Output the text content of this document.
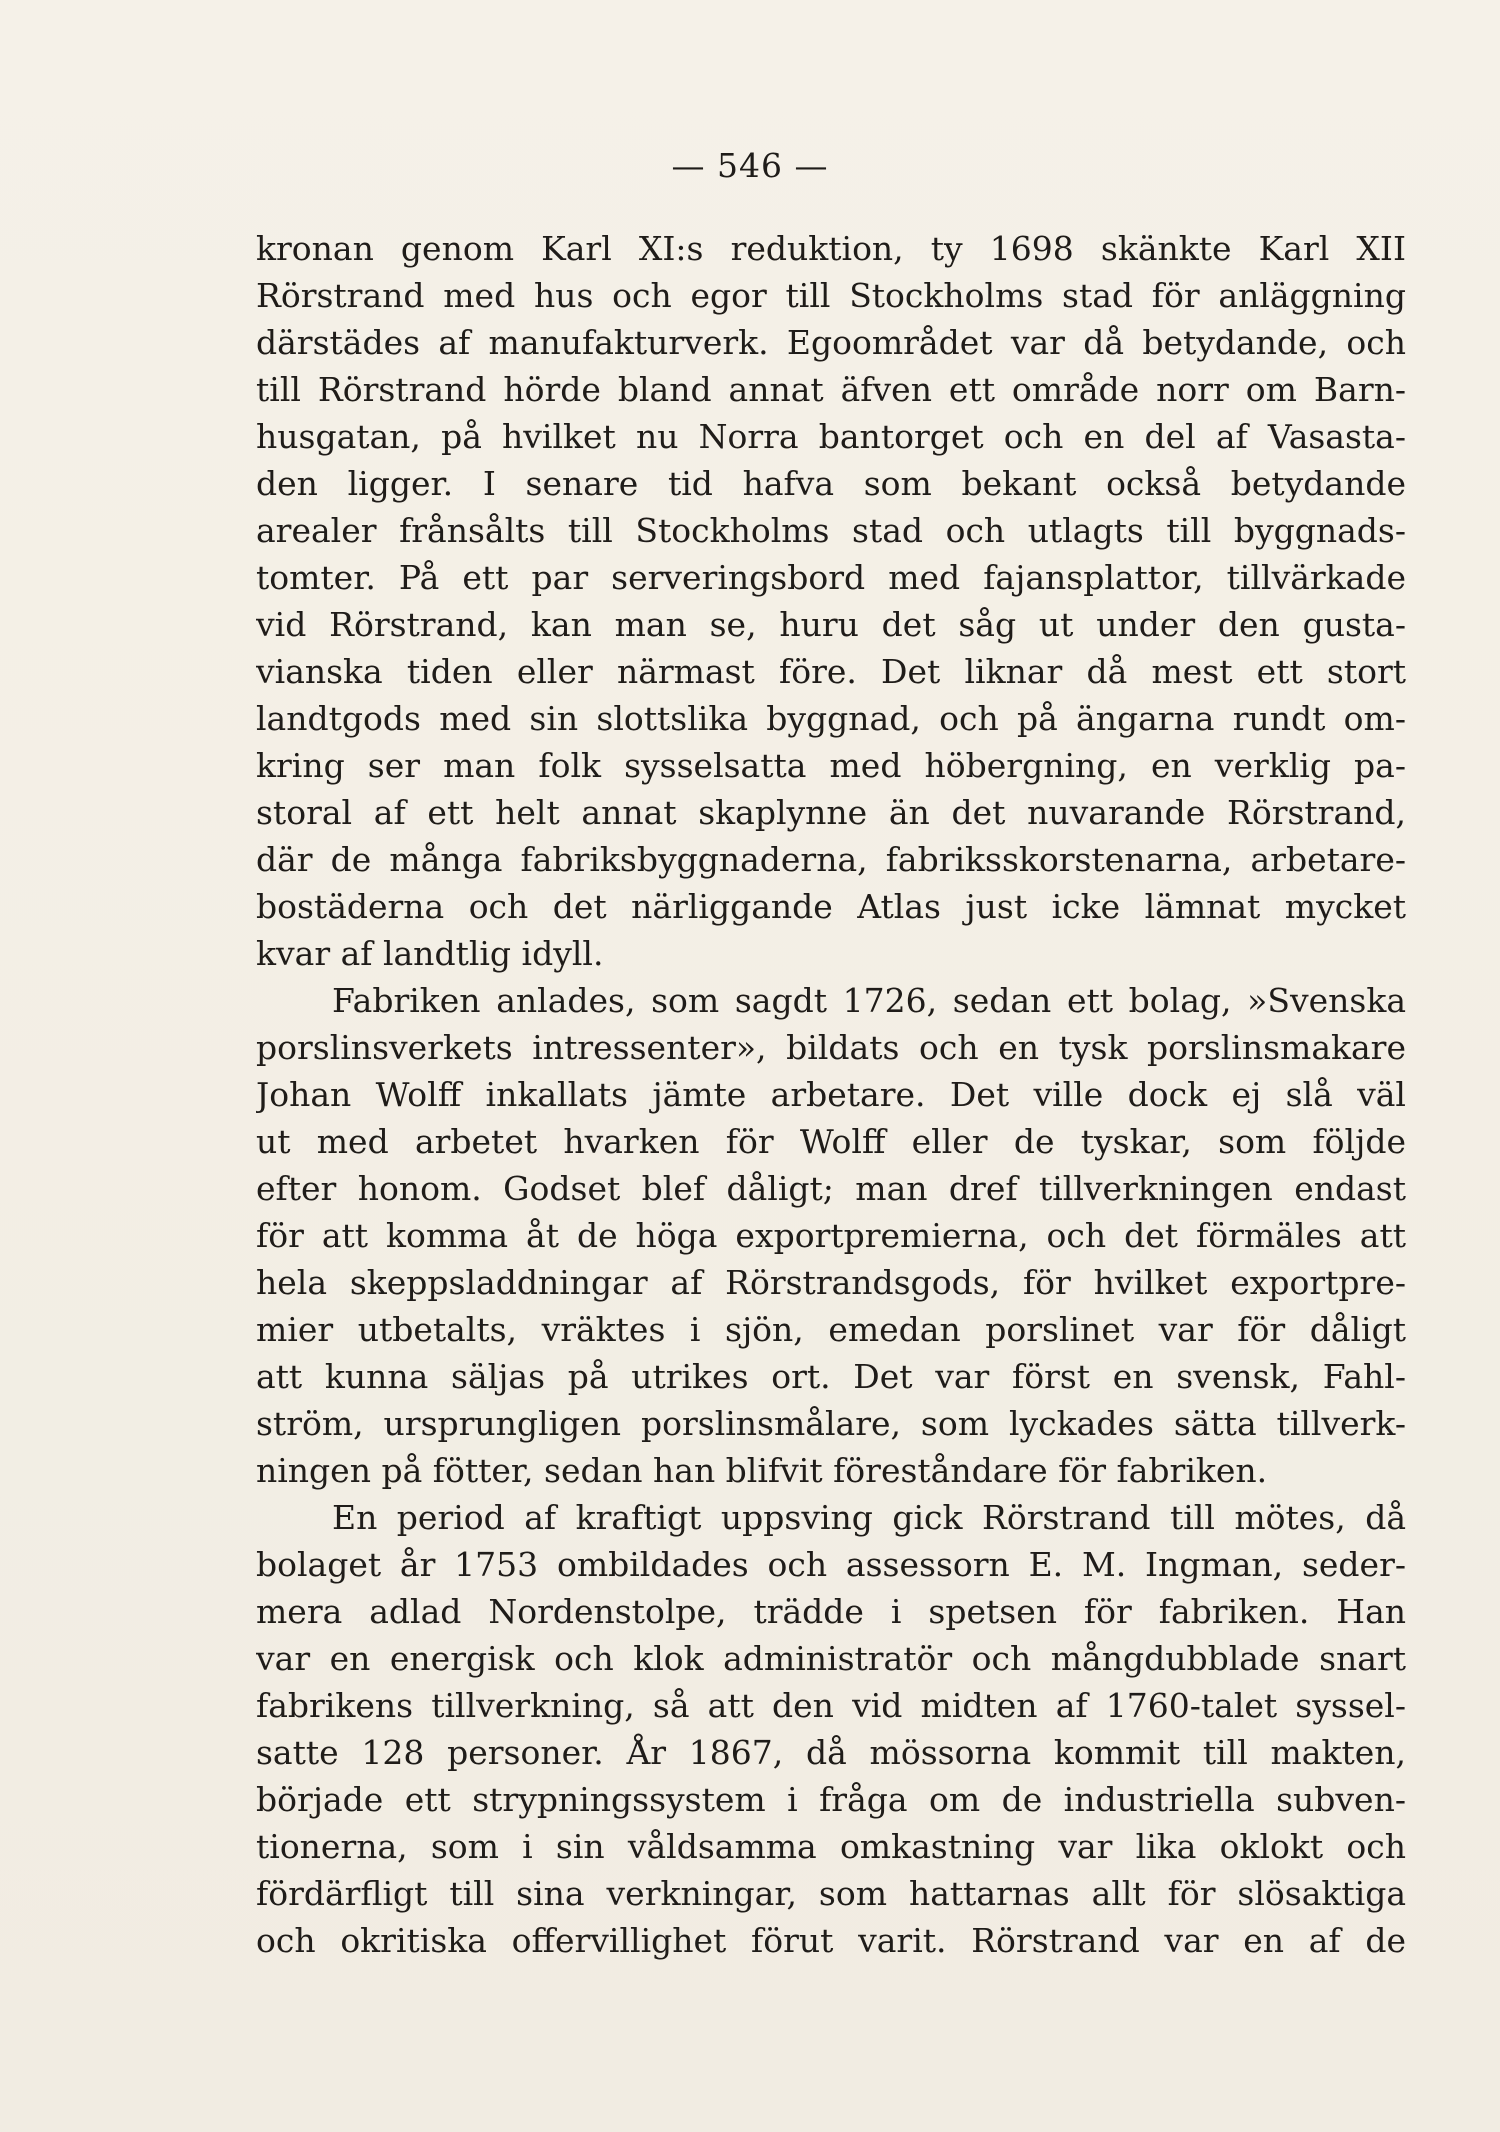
— 546 —
kronan genom Karl XI:s reduktion, ty 1698 skänkte Karl XII
Rörstrand med hus och egor till Stockholms stad för anläggning
därstädes af manufakturverk. Egoområdet var då betydande, och
till Rörstrand hörde bland annat äfven ett område norr om Barn-
husgatan, på hvilket nu Norra bantorget och en del af Vasasta-
den ligger. I senare tid hafva som bekant också betydande
arealer frånsålts till Stockholms stad och utlagts till byggnads-
tomter. På ett par serveringsbord med fajansplattor, tillvärkade
vid Rörstrand, kan man se, huru det såg ut under den gusta-
vianska tiden eller närmast före. Det liknar då mest ett stort
landtgods med sin slottslika byggnad, och på ängarna rundt om-
kring ser man folk sysselsatta med höbergning, en verklig pa-
storal af ett helt annat skaplynne än det nuvarande Rörstrand,
där de många fabriksbyggnaderna, fabriksskorstenarna, arbetare-
bostäderna och det närliggande Atlas just icke lämnat mycket
kvar af landtlig idyll.
Fabriken anlades, som sagdt 1726, sedan ett bolag, »Svenska
porslinsverkets intressenter», bildats och en tysk porslinsmakare
Johan Wolff inkallats jämte arbetare. Det ville dock ej slå väl
ut med arbetet hvarken för Wolff eller de tyskar, som följde
efter honom. Godset blef dåligt; man dref tillverkningen endast
för att komma åt de höga exportpremierna, och det förmäles att
hela skeppsladdningar af Rörstrandsgods, för hvilket exportpre-
mier utbetalts, vräktes i sjön, emedan porslinet var för dåligt
att kunna säljas på utrikes ort. Det var först en svensk, Fahl-
ström, ursprungligen porslinsmålare, som lyckades sätta tillverk-
ningen på fötter, sedan han blifvit föreståndare för fabriken.
En period af kraftigt uppsving gick Rörstrand till mötes, då
bolaget år 1753 ombildades och assessorn E. M. Ingman, seder-
mera adlad Nordenstolpe, trädde i spetsen för fabriken. Han
var en energisk och klok administratör och mångdubblade snart
fabrikens tillverkning, så att den vid midten af 1760-talet syssel-
satte 128 personer. År 1867, då mössorna kommit till makten,
började ett strypningssystem i fråga om de industriella subven-
tionerna, som i sin våldsamma omkastning var lika oklokt och
fördärfligt till sina verkningar, som hattarnas allt för slösaktiga
och okritiska offervillighet förut varit. Rörstrand var en af de
